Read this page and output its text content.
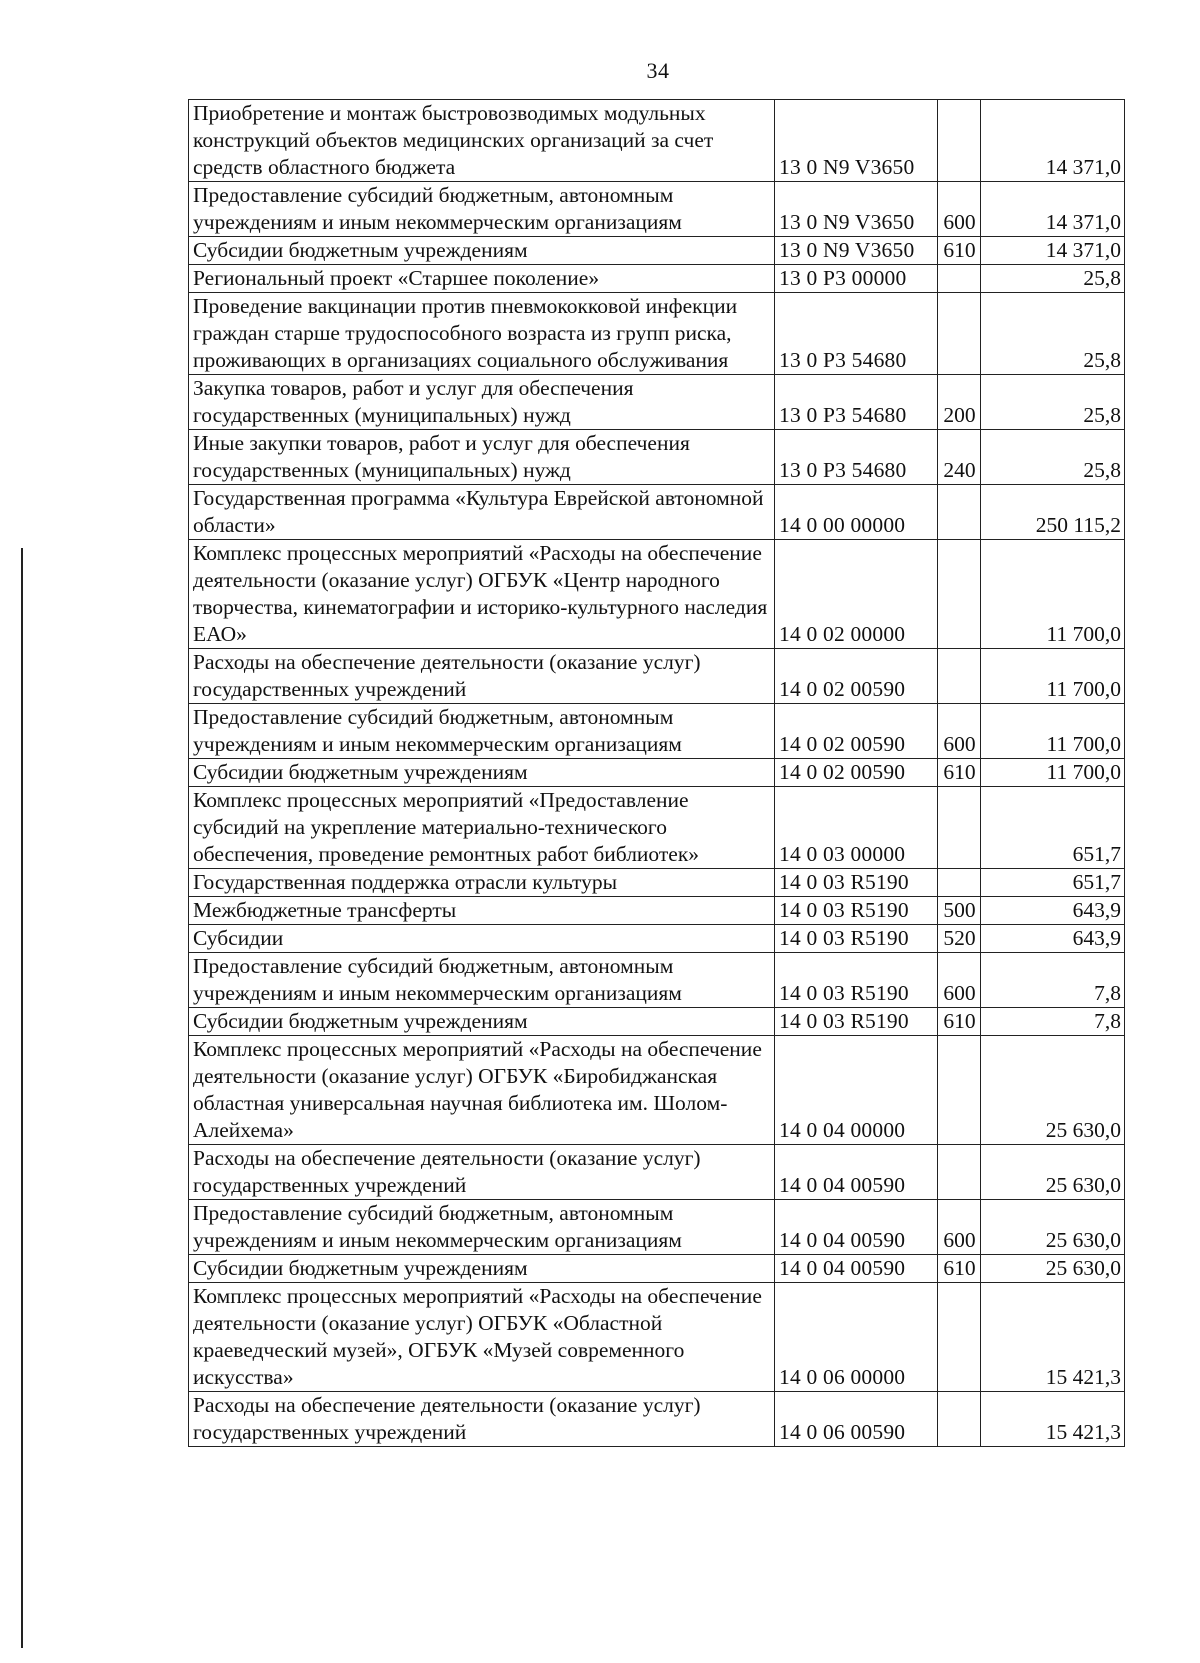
34
Приобретение и монтаж быстровозводимых модульных конструкций объектов медицинских организаций за счет средств областного бюджета	13 0 N9 V3650		14 371,0
Предоставление субсидий бюджетным, автономным учреждениям и иным некоммерческим организациям	13 0 N9 V3650	600	14 371,0
Субсидии бюджетным учреждениям	13 0 N9 V3650	610	14 371,0
Региональный проект «Старшее поколение»	13 0 P3 00000		25,8
Проведение вакцинации против пневмококковой инфекции граждан старше трудоспособного возраста из групп риска, проживающих в организациях социального обслуживания	13 0 P3 54680		25,8
Закупка товаров, работ и услуг для обеспечения государственных (муниципальных) нужд	13 0 P3 54680	200	25,8
Иные закупки товаров, работ и услуг для обеспечения государственных (муниципальных) нужд	13 0 P3 54680	240	25,8
Государственная программа «Культура Еврейской автономной области»	14 0 00 00000		250 115,2
Комплекс процессных мероприятий «Расходы на обеспечение деятельности (оказание услуг) ОГБУК «Центр народного творчества, кинематографии и историко-культурного наследия ЕАО»	14 0 02 00000		11 700,0
Расходы на обеспечение деятельности (оказание услуг) государственных учреждений	14 0 02 00590		11 700,0
Предоставление субсидий бюджетным, автономным учреждениям и иным некоммерческим организациям	14 0 02 00590	600	11 700,0
Субсидии бюджетным учреждениям	14 0 02 00590	610	11 700,0
Комплекс процессных мероприятий «Предоставление субсидий на укрепление материально-технического обеспечения, проведение ремонтных работ библиотек»	14 0 03 00000		651,7
Государственная поддержка отрасли культуры	14 0 03 R5190		651,7
Межбюджетные трансферты	14 0 03 R5190	500	643,9
Субсидии	14 0 03 R5190	520	643,9
Предоставление субсидий бюджетным, автономным учреждениям и иным некоммерческим организациям	14 0 03 R5190	600	7,8
Субсидии бюджетным учреждениям	14 0 03 R5190	610	7,8
Комплекс процессных мероприятий «Расходы на обеспечение деятельности (оказание услуг) ОГБУК «Биробиджанская областная универсальная научная библиотека им. Шолом-Алейхема»	14 0 04 00000		25 630,0
Расходы на обеспечение деятельности (оказание услуг) государственных учреждений	14 0 04 00590		25 630,0
Предоставление субсидий бюджетным, автономным учреждениям и иным некоммерческим организациям	14 0 04 00590	600	25 630,0
Субсидии бюджетным учреждениям	14 0 04 00590	610	25 630,0
Комплекс процессных мероприятий «Расходы на обеспечение деятельности (оказание услуг) ОГБУК «Областной краеведческий музей», ОГБУК «Музей современного искусства»	14 0 06 00000		15 421,3
Расходы на обеспечение деятельности (оказание услуг) государственных учреждений	14 0 06 00590		15 421,3
